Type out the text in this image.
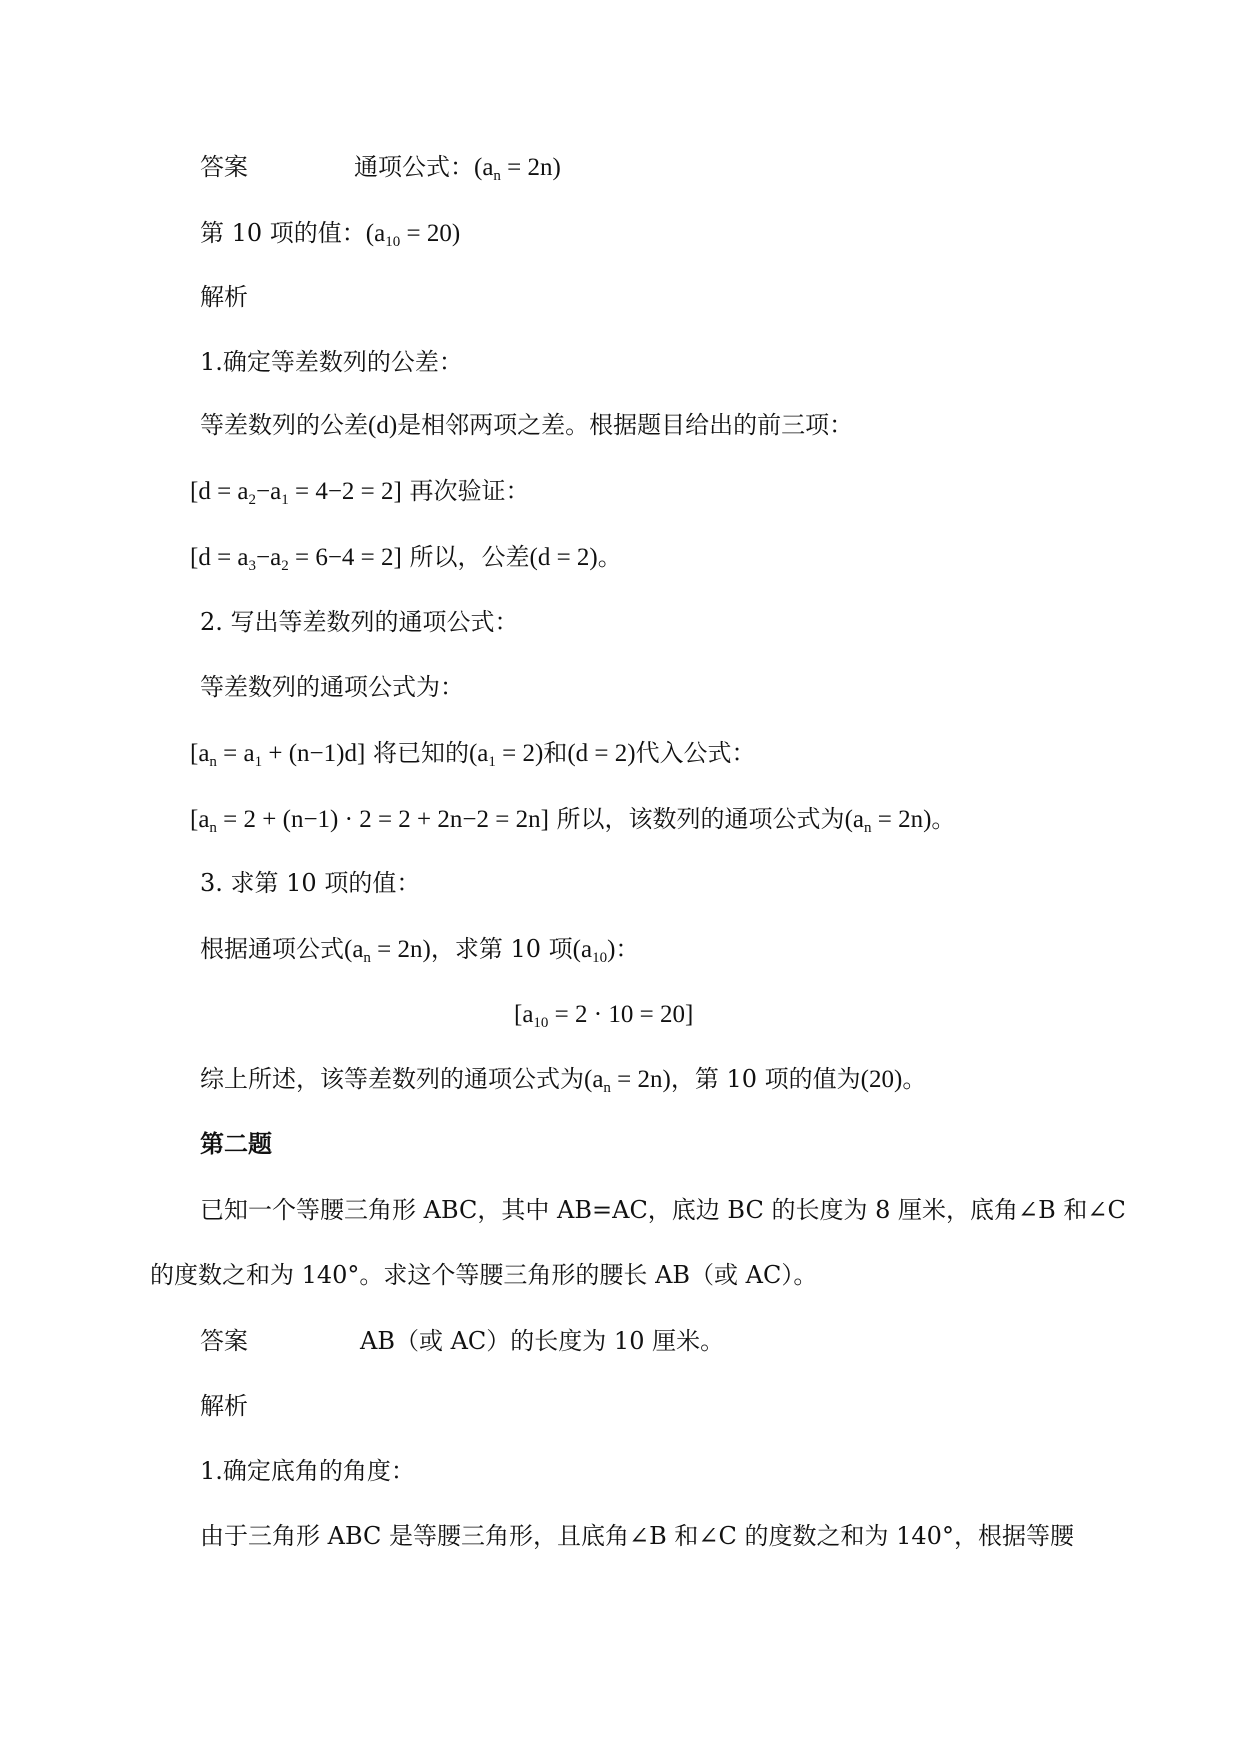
答案	通项公式：$(a_n = 2n)$
第 10 项的值：$(a_{10} = 20)$
解析
1.确定等差数列的公差：
等差数列的公差(d)是相邻两项之差。根据题目给出的前三项：
$[d = a_2-a_1 = 4-2 = 2]$ 再次验证：
$[d = a_3-a_2 = 6-4 = 2]$ 所以，公差(d = 2)。
2. 写出等差数列的通项公式：
等差数列的通项公式为：
$[a_n = a_1 + (n-1)d]$ 将已知的$(a_1 = 2)$和(d = 2)代入公式：
$[a_n = 2 + (n-1) \cdot 2 = 2 + 2n-2 = 2n]$ 所以，该数列的通项公式为$(a_n = 2n)$。
3. 求第 10 项的值：
根据通项公式$(a_n = 2n)$，求第 10 项$(a_{10})$：
$[a_{10} = 2 \cdot 10 = 20]$
综上所述，该等差数列的通项公式为$(a_n = 2n)$，第 10 项的值为(20)。
第二题
已知一个等腰三角形 ABC，其中 AB=AC，底边 BC 的长度为 8 厘米，底角∠B 和∠C
的度数之和为 140°。求这个等腰三角形的腰长 AB（或 AC）。
答案	AB（或 AC）的长度为 10 厘米。
解析
1.确定底角的角度：
由于三角形 ABC 是等腰三角形，且底角∠B 和∠C 的度数之和为 140°，根据等腰
